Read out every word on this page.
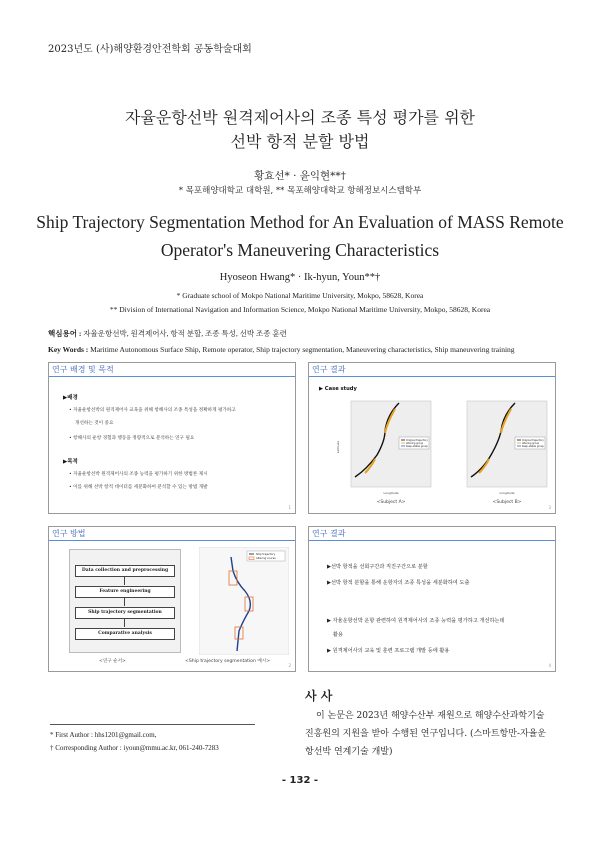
2023년도 (사)해양환경안전학회 공동학술대회
자율운항선박 원격제어사의 조종 특성 평가를 위한
선박 항적 분할 방법
황효선* · 윤익현**†
* 목포해양대학교 대학원, ** 목포해양대학교 항해정보시스템학부
Ship Trajectory Segmentation Method for An Evaluation of MASS Remote
Operator's Maneuvering Characteristics
Hyoseon Hwang* · Ik-hyun, Youn**†
* Graduate school of Mokpo National Maritime University, Mokpo, 58628, Korea
** Division of International Navigation and Information Science, Mokpo National Maritime University, Mokpo, 58628, Korea
핵심용어 : 자율운항선박, 원격제어사, 항적 분할, 조종 특성, 선박 조종 훈련
Key Words : Maritime Autonomous Surface Ship, Remote operator, Ship trajectory segmentation, Maneuvering characteristics, Ship maneuvering training
연구 배경 및 목적
▶배경
• 자율운항선박의 원격제어사 교육을 위해 항해사의 조종 특성을 정확하게 평가하고
개선하는 것이 중요
• 항해사의 운항 경험과 행동을 정량적으로 분석하는 연구 필요
▶목적
• 자율운항선박 원격제어사의 조종 능력을 평가하기 위한 방법론 제시
• 이를 위해 선박 항적 데이터를 세분화하여 분석할 수 있는 방법 개발
1
연구 결과
▶ Case study
Original trajectory
Altering group
Keep-stable group
Latitude
Longitude
<Subject A>
Original trajectory
Altering group
Keep-stable group
Longitude
<Subject B>
3
연구 방법
Data collection and preprocessing
Feature engineering
Ship trajectory segmentation
Comparative analysis
Ship trajectory
Altering course
<연구 순서>	<Ship trajectory segmentation 예시>
2
연구 결과
▶선박 항적을 선회구간과 직진구간으로 분할
▶선박 항적 분할을 통해 운항자의 조종 특성을 세분화하여 도출
▶ 자율운항선박 운항 관련하여 원격제어사의 조종 능력을 평가하고 개선하는데
활용
▶ 원격제어사의 교육 및 훈련 프로그램 개발 등에 활용
4
사 사
이 논문은 2023년 해양수산부 재원으로 해양수산과학기술진흥원의 지원을 받아 수행된 연구입니다. (스마트항만-자율운항선박 연계기술 개발)
* First Author : hhs1201@gmail.com,
† Corresponding Author : iyoun@mmu.ac.kr, 061-240-7283
- 132 -
